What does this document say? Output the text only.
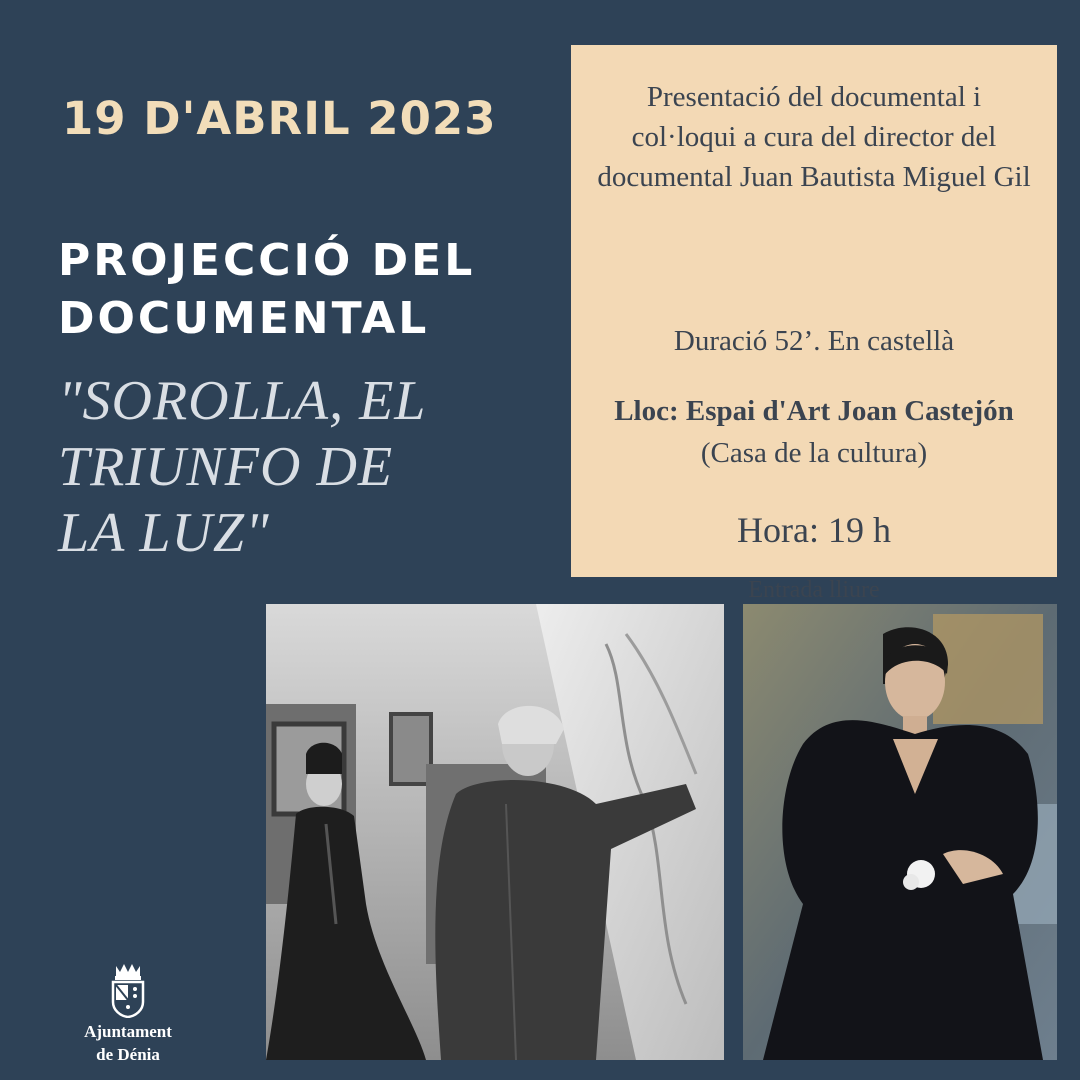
19 D'ABRIL 2023
PROJECCIÓ DEL
DOCUMENTAL
"SOROLLA, EL
TRIUNFO DE
LA LUZ"
Presentació del documental i col·loqui a cura del director del documental Juan Bautista Miguel Gil
Duració 52’. En castellà
Lloc: Espai d'Art Joan Castejón
(Casa de la cultura)
Hora: 19 h
Entrada lliure
Ajuntament
de Dénia
